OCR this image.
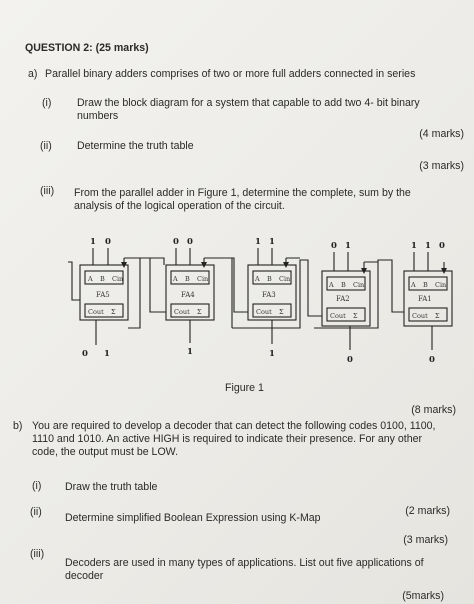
QUESTION 2: (25 marks)
a) Parallel binary adders comprises of two or more full adders connected in series
(i) Draw the block diagram for a system that capable to add two 4- bit binary
numbers
(4 marks)
(ii) Determine the truth table
(3 marks)
(iii) From the parallel adder in Figure 1, determine the complete, sum by the
analysis of the logical operation of the circuit.
A B Cin	A B Cin	A B Cin
A B Cin	A B Cin
Cout Σ	Cout Σ	Cout Σ	Cout Σ	Cout Σ
FA5	FA4	FA3	FA2	FA1
1 0	0 0	1 1	0 1	1 1 0
0 1	1	1
0	0
Figure 1
(8 marks)
b) You are required to develop a decoder that can detect the following codes 0100, 1100,
1110 and 1010. An active HIGH is required to indicate their presence. For any other
code, the output must be LOW.
(i) Draw the truth table
(2 marks)
(ii) Determine simplified Boolean Expression using K-Map
(3 marks)
(iii)
Decoders are used in many types of applications. List out five applications of
decoder
(5marks)
